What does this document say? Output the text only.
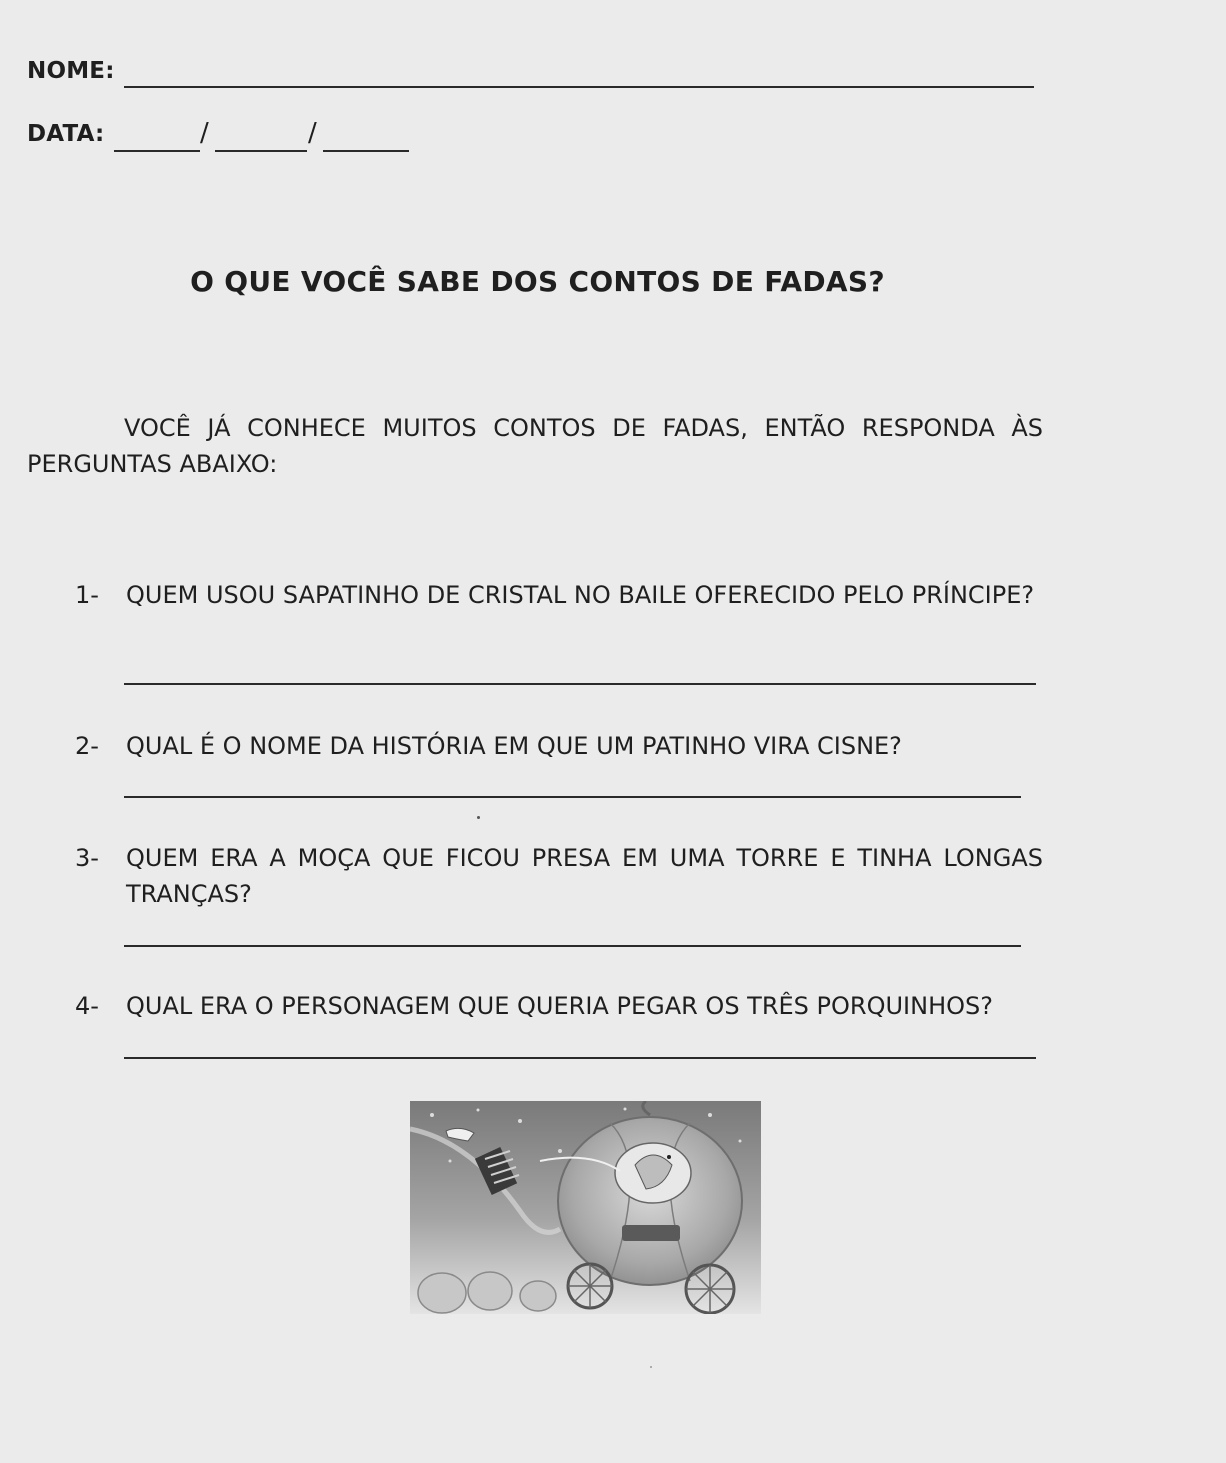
NOME:
DATA:	/	/
O QUE VOCÊ SABE DOS CONTOS DE FADAS?
VOCÊ JÁ CONHECE MUITOS CONTOS DE FADAS, ENTÃO RESPONDA ÀS PERGUNTAS ABAIXO:
1- QUEM USOU SAPATINHO DE CRISTAL NO BAILE OFERECIDO PELO PRÍNCIPE?
2- QUAL É O NOME DA HISTÓRIA EM QUE UM PATINHO VIRA CISNE?
3- QUEM ERA A MOÇA QUE FICOU PRESA EM UMA TORRE E TINHA LONGAS TRANÇAS?
4- QUAL ERA O PERSONAGEM QUE QUERIA PEGAR OS TRÊS PORQUINHOS?
